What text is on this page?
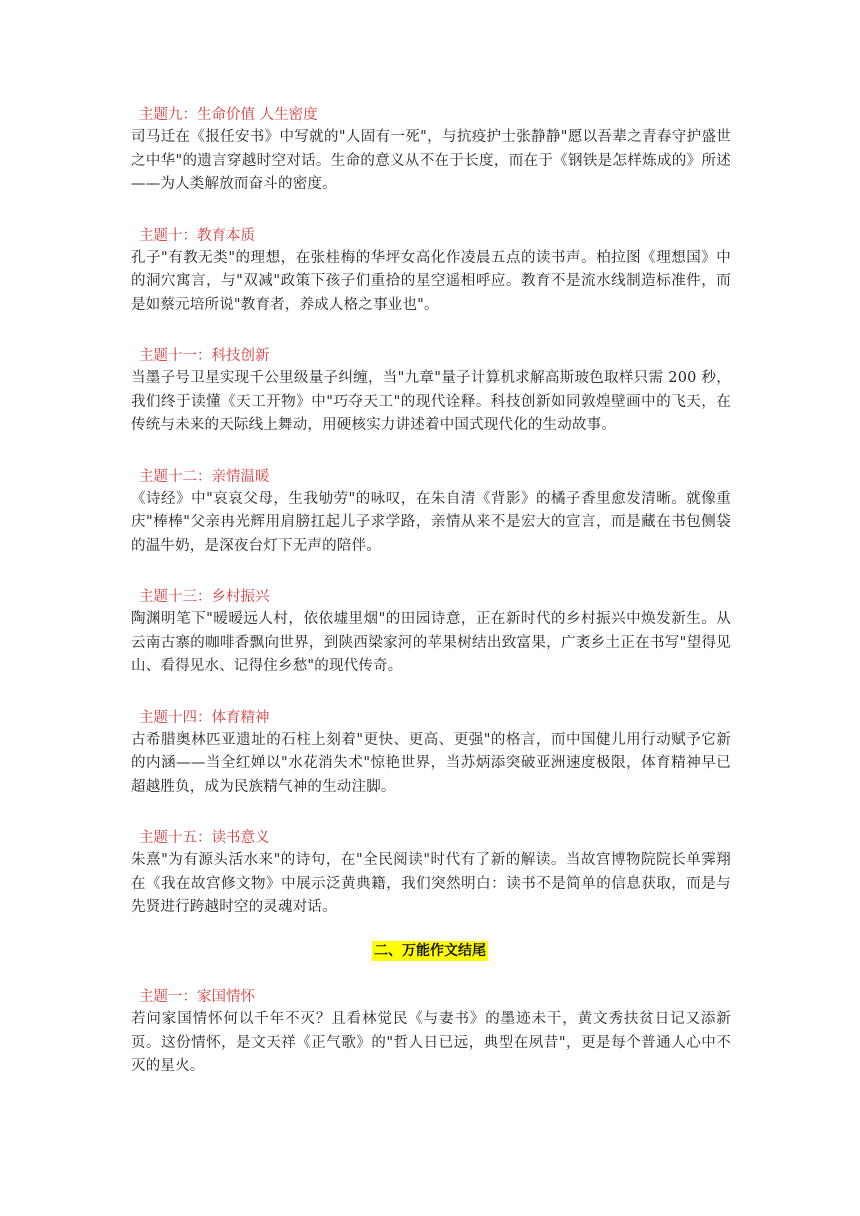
主题九：生命价值 人生密度
司马迁在《报任安书》中写就的"人固有一死"，与抗疫护士张静静"愿以吾辈之青春守护盛世之中华"的遗言穿越时空对话。生命的意义从不在于长度，而在于《钢铁是怎样炼成的》所述——为人类解放而奋斗的密度。
主题十：教育本质
孔子"有教无类"的理想，在张桂梅的华坪女高化作凌晨五点的读书声。柏拉图《理想国》中的洞穴寓言，与"双减"政策下孩子们重拾的星空遥相呼应。教育不是流水线制造标准件，而是如蔡元培所说"教育者，养成人格之事业也"。
主题十一：科技创新
当墨子号卫星实现千公里级量子纠缠，当"九章"量子计算机求解高斯玻色取样只需 200 秒，我们终于读懂《天工开物》中"巧夺天工"的现代诠释。科技创新如同敦煌壁画中的飞天，在传统与未来的天际线上舞动，用硬核实力讲述着中国式现代化的生动故事。
主题十二：亲情温暖
《诗经》中"哀哀父母，生我劬劳"的咏叹，在朱自清《背影》的橘子香里愈发清晰。就像重庆"棒棒"父亲冉光辉用肩膀扛起儿子求学路，亲情从来不是宏大的宣言，而是藏在书包侧袋的温牛奶，是深夜台灯下无声的陪伴。
主题十三：乡村振兴
陶渊明笔下"暧暧远人村，依依墟里烟"的田园诗意，正在新时代的乡村振兴中焕发新生。从云南古寨的咖啡香飘向世界，到陕西梁家河的苹果树结出致富果，广袤乡土正在书写"望得见山、看得见水、记得住乡愁"的现代传奇。
主题十四：体育精神
古希腊奥林匹亚遗址的石柱上刻着"更快、更高、更强"的格言，而中国健儿用行动赋予它新的内涵——当全红婵以"水花消失术"惊艳世界，当苏炳添突破亚洲速度极限，体育精神早已超越胜负，成为民族精气神的生动注脚。
主题十五：读书意义
朱熹"为有源头活水来"的诗句，在"全民阅读"时代有了新的解读。当故宫博物院院长单霁翔在《我在故宫修文物》中展示泛黄典籍，我们突然明白：读书不是简单的信息获取，而是与先贤进行跨越时空的灵魂对话。
二、万能作文结尾
主题一：家国情怀
若问家国情怀何以千年不灭？且看林觉民《与妻书》的墨迹未干，黄文秀扶贫日记又添新页。这份情怀，是文天祥《正气歌》的"哲人日已远，典型在夙昔"，更是每个普通人心中不灭的星火。
